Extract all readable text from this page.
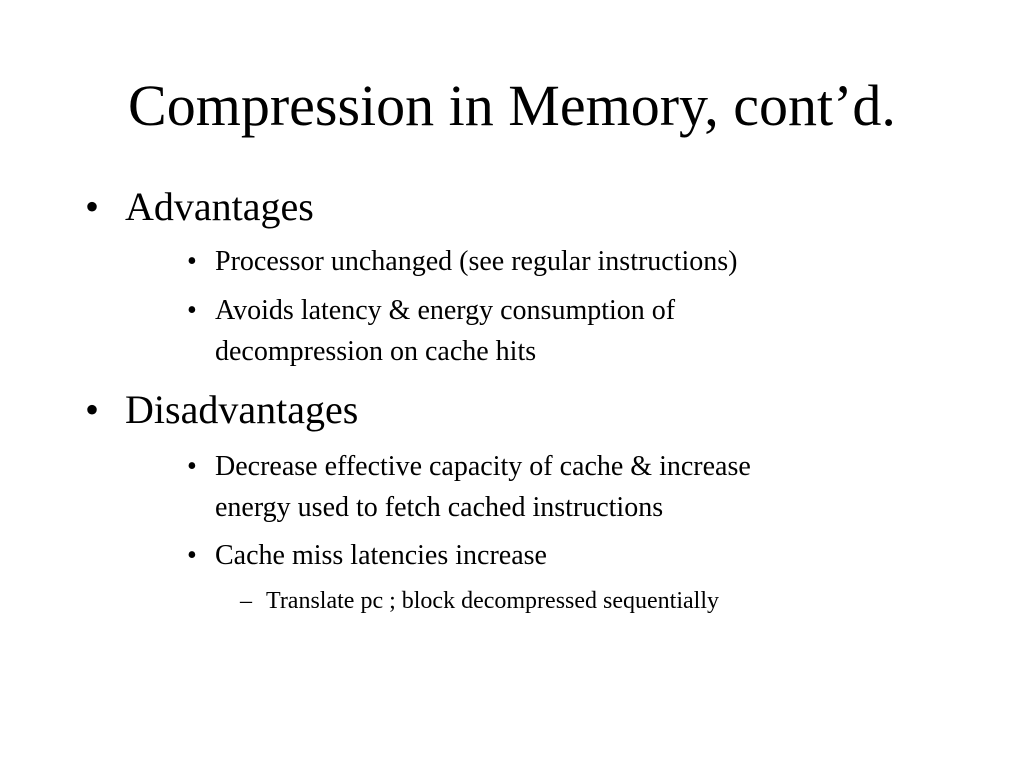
Compression in Memory, cont’d.
• Advantages
• Processor unchanged (see regular instructions)
• Avoids latency & energy consumption of
decompression on cache hits
• Disadvantages
• Decrease effective capacity of cache & increase
energy used to fetch cached instructions
• Cache miss latencies increase
– Translate pc ; block decompressed sequentially
